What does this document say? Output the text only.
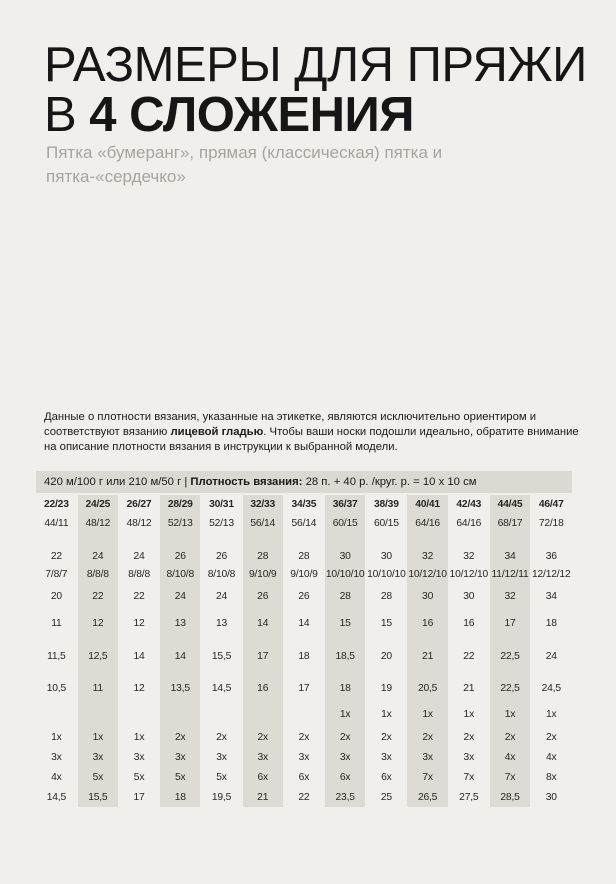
РАЗМЕРЫ ДЛЯ ПРЯЖИ
В 4 СЛОЖЕНИЯ
Пятка «бумеранг», прямая (классическая) пятка и пятка-«сердечко»
Данные о плотности вязания, указанные на этикетке, являются исключительно ориентиром и соответствуют вязанию лицевой гладью. Чтобы ваши носки подошли идеально, обратите внимание на описание плотности вязания в инструкции к выбранной модели.
420 м/100 г или 210 м/50 г | Плотность вязания: 28 п. + 40 р. /круг. р. = 10 x 10 см
22/23	24/25	26/27	28/29	30/31	32/33	34/35	36/37	38/39	40/41	42/43	44/45	46/47
44/11	48/12	48/12	52/13	52/13	56/14	56/14	60/15	60/15	64/16	64/16	68/17	72/18

22	24	24	26	26	28	28	30	30	32	32	34	36
7/8/7	8/8/8	8/8/8	8/10/8	8/10/8	9/10/9	9/10/9	10/10/10	10/10/10	10/12/10	10/12/10	11/12/11	12/12/12
20	22	22	24	24	26	26	28	28	30	30	32	34
11	12	12	13	13	14	14	15	15	16	16	17	18
11,5	12,5	14	14	15,5	17	18	18,5	20	21	22	22,5	24
10,5	11	12	13,5	14,5	16	17	18	19	20,5	21	22,5	24,5
							1x	1x	1x	1x	1x	1x
1x	1x	1x	2x	2x	2x	2x	2x	2x	2x	2x	2x	2x
3x	3x	3x	3x	3x	3x	3x	3x	3x	3x	3x	4x	4x
4x	5x	5x	5x	5x	6x	6x	6x	6x	7x	7x	7x	8x
14,5	15,5	17	18	19,5	21	22	23,5	25	26,5	27,5	28,5	30
